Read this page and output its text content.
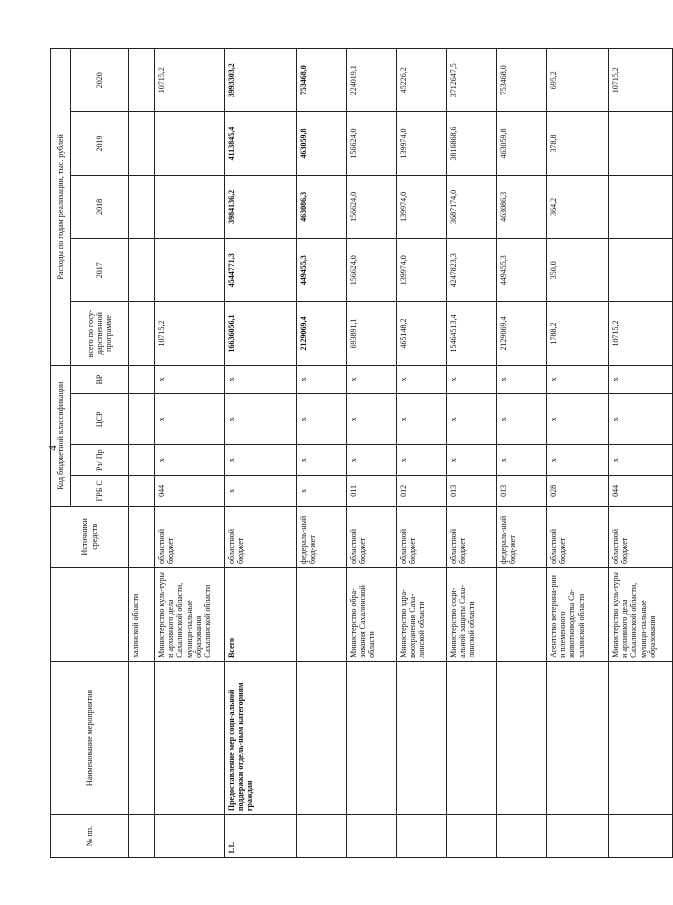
4
№ пп.	Наименование мероприятия		Источники средств	Код бюджетной классификации				Расходы по годам реализации, тыс. рублей				
				ГРБ С	Рз/ Пр	ЦСР	ВР	всего по госу-дарственной программе	2017	2018	2019	2020
		халинской области										
		Министерство куль-туры и архивного дела Сахалинской области, муници-пальные образования Сахалинской области	областной бюджет	044	х	х	х	10715,2				10715,2
1.1.	Предоставление мер соци-альной поддержки отдель-ным категориям граждан	Всего	областной бюджет	х	х	х	х	16636056,1	4544771,3	3984136,2	4113845,4	3993303,2
			федераль-ный бюд-жет	х	х	х	х	2129069,4	449455,3	463086,3	463059,8	753468,0
		Министерство обра-зования Сахалинской области	областной бюджет	011	х	х	х	693891,1	156624,0	156624,0	156624,0	224019,1
		Министерство здра-воохранения Саха-линской области	областной бюджет	012	х	х	х	465148,2	139974,0	139974,0	139974,0	45226,2
		Министерство соци-альной защиты Саха-линской области	областной бюджет	013	х	х	х	15464513,4	4247823,3	3687174,0	3816868,6	3712647,5
			федераль-ный бюд-жет	013	х	х	х	2129069,4	449455,3	463086,3	463059,8	753468,0
		Агентство ветерина-рии и племенного животноводства Са-халинской области	областной бюджет	028	х	х	х	1788,2	350,0	364,2	378,8	695,2
		Министерство куль-туры и архивного дела Сахалинской области, муници-пальные образования	областной бюджет	044	х	х	х	10715,2				10715,2
